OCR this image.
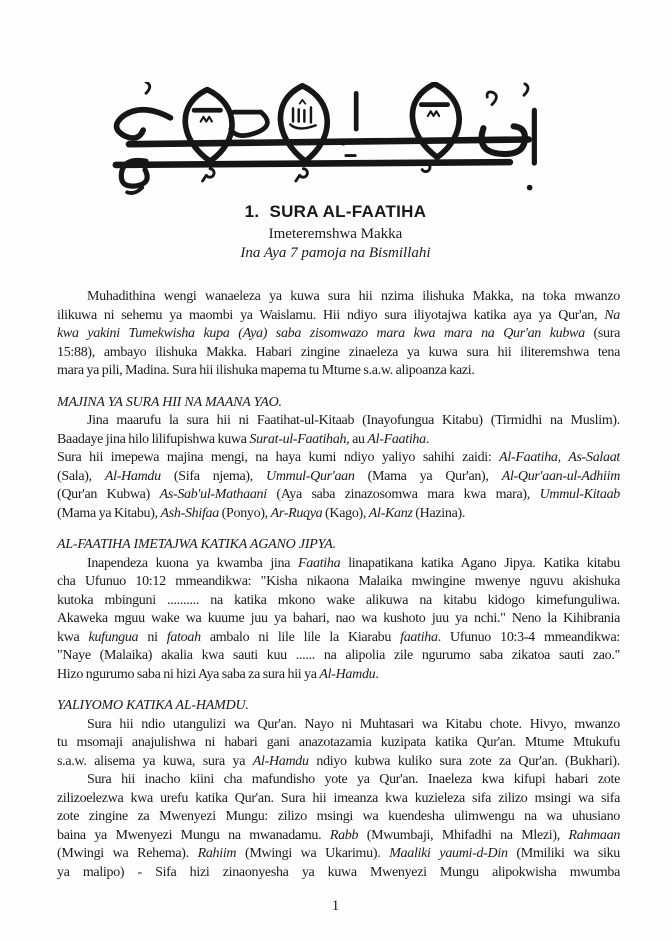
1. SURA AL-FAATIHA
Imeteremshwa Makka
Ina Aya 7 pamoja na Bismillahi
Muhadithina wengi wanaeleza ya kuwa sura hii nzima ilishuka Makka, na toka mwanzo
ilikuwa ni sehemu ya maombi ya Waislamu. Hii ndiyo sura iliyotajwa katika aya ya Qur'an, Na
kwa yakini Tumekwisha kupa (Aya) saba zisomwazo mara kwa mara na Qur'an kubwa (sura
15:88), ambayo ilishuka Makka. Habari zingine zinaeleza ya kuwa sura hii iliteremshwa tena
mara ya pili, Madina. Sura hii ilishuka mapema tu Mtume s.a.w. alipoanza kazi.
MAJINA YA SURA HII NA MAANA YAO.
Jina maarufu la sura hii ni Faatihat-ul-Kitaab (Inayofungua Kitabu) (Tirmidhi na Muslim).
Baadaye jina hilo lilifupishwa kuwa Surat-ul-Faatihah, au Al-Faatiha.
Sura hii imepewa majina mengi, na haya kumi ndiyo yaliyo sahihi zaidi: Al-Faatiha, As-Salaat
(Sala), Al-Hamdu (Sifa njema), Ummul-Qur'aan (Mama ya Qur'an), Al-Qur'aan-ul-Adhiim
(Qur'an Kubwa) As-Sab'ul-Mathaani (Aya saba zinazosomwa mara kwa mara), Ummul-Kitaab
(Mama ya Kitabu), Ash-Shifaa (Ponyo), Ar-Ruqya (Kago), Al-Kanz (Hazina).
AL-FAATIHA IMETAJWA KATIKA AGANO JIPYA.
Inapendeza kuona ya kwamba jina Faatiha linapatikana katika Agano Jipya. Katika kitabu
cha Ufunuo 10:12 mmeandikwa: "Kisha nikaona Malaika mwingine mwenye nguvu akishuka
kutoka mbinguni .......... na katika mkono wake alikuwa na kitabu kidogo kimefunguliwa.
Akaweka mguu wake wa kuume juu ya bahari, nao wa kushoto juu ya nchi." Neno la Kihibrania
kwa kufungua ni fatoah ambalo ni lile lile la Kiarabu faatiha. Ufunuo 10:3-4 mmeandikwa:
"Naye (Malaika) akalia kwa sauti kuu ...... na alipolia zile ngurumo saba zikatoa sauti zao."
Hizo ngurumo saba ni hizi Aya saba za sura hii ya Al-Hamdu.
YALIYOMO KATIKA AL-HAMDU.
Sura hii ndio utangulizi wa Qur'an. Nayo ni Muhtasari wa Kitabu chote. Hivyo, mwanzo
tu msomaji anajulishwa ni habari gani anazotazamia kuzipata katika Qur'an. Mtume Mtukufu
s.a.w. alisema ya kuwa, sura ya Al-Hamdu ndiyo kubwa kuliko sura zote za Qur'an. (Bukhari).
Sura hii inacho kiini cha mafundisho yote ya Qur'an. Inaeleza kwa kifupi habari zote
zilizoelezwa kwa urefu katika Qur'an. Sura hii imeanza kwa kuzieleza sifa zilizo msingi wa sifa
zote zingine za Mwenyezi Mungu: zilizo msingi wa kuendesha ulimwengu na wa uhusiano
baina ya Mwenyezi Mungu na mwanadamu. Rabb (Mwumbaji, Mhifadhi na Mlezi), Rahmaan
(Mwingi wa Rehema). Rahiim (Mwingi wa Ukarimu). Maaliki yaumi-d-Din (Mmiliki wa siku
ya malipo) - Sifa hizi zinaonyesha ya kuwa Mwenyezi Mungu alipokwisha mwumba
1
